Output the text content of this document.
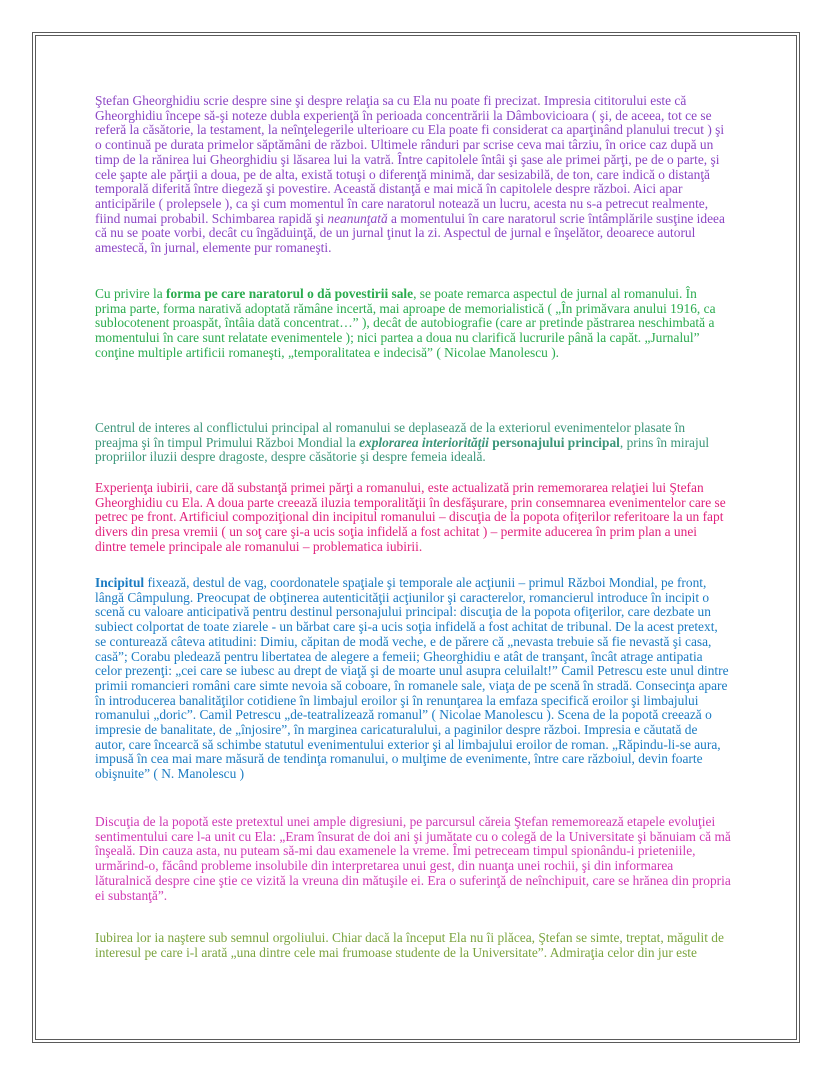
Ştefan Gheorghidiu scrie despre sine şi despre relaţia sa cu Ela nu poate fi precizat. Impresia cititorului este că Gheorghidiu începe să-şi noteze dubla experienţă în perioada concentrării la Dâmbovicioara ( şi, de aceea, tot ce se referă la căsătorie, la testament, la neînţelegerile ulterioare cu Ela poate fi considerat ca aparţinând planului trecut ) şi o continuă pe durata primelor săptămâni de război. Ultimele rânduri par scrise ceva mai târziu, în orice caz după un timp de la rănirea lui Gheorghidiu şi lăsarea lui la vatră. Între capitolele întâi şi şase ale primei părţi, pe de o parte, şi cele şapte ale părţii a doua, pe de alta, există totuşi o diferenţă minimă, dar sesizabilă, de ton, care indică o distanţă temporală diferită între diegeză şi povestire. Această distanţă e mai mică în capitolele despre război. Aici apar anticipările ( prolepsele ), ca şi cum momentul în care naratorul notează un lucru, acesta nu s-a petrecut realmente, fiind numai probabil. Schimbarea rapidă şi neanunţată a momentului în care naratorul scrie întâmplările susţine ideea că nu se poate vorbi, decât cu îngăduinţă, de un jurnal ţinut la zi. Aspectul de jurnal e înşelător, deoarece autorul amestecă, în jurnal, elemente pur romaneşti.

Cu privire la forma pe care naratorul o dă povestirii sale, se poate remarca aspectul de jurnal al romanului. În prima parte, forma narativă adoptată rămâne incertă, mai aproape de memorialistică ( „În primăvara anului 1916, ca sublocotenent proaspăt, întâia dată concentrat…” ), decât de autobiografie (care ar pretinde păstrarea neschimbată a momentului în care sunt relatate evenimentele ); nici partea a doua nu clarifică lucrurile până la capăt. „Jurnalul” conţine multiple artificii romaneşti, „temporalitatea e indecisă” ( Nicolae Manolescu ).

Centrul de interes al conflictului principal al romanului se deplasează de la exteriorul evenimentelor plasate în preajma şi în timpul Primului Război Mondial la explorarea interiorităţii personajului principal, prins în mirajul propriilor iluzii despre dragoste, despre căsătorie şi despre femeia ideală.

Experienţa iubirii, care dă substanţă primei părţi a romanului, este actualizată prin rememorarea relaţiei lui Ştefan Gheorghidiu cu Ela. A doua parte creează iluzia temporalităţii în desfăşurare, prin consemnarea evenimentelor care se petrec pe front. Artificiul compoziţional din incipitul romanului – discuţia de la popota ofiţerilor referitoare la un fapt divers din presa vremii ( un soţ care şi-a ucis soţia infidelă a fost achitat ) – permite aducerea în prim plan a unei dintre temele principale ale romanului – problematica iubirii.

Incipitul fixează, destul de vag, coordonatele spaţiale şi temporale ale acţiunii – primul Război Mondial, pe front, lângă Câmpulung. Preocupat de obţinerea autenticităţii acţiunilor şi caracterelor, romancierul introduce în incipit o scenă cu valoare anticipativă pentru destinul personajului principal: discuţia de la popota ofiţerilor, care dezbate un subiect colportat de toate ziarele - un bărbat care şi-a ucis soţia infidelă a fost achitat de tribunal. De la acest pretext, se conturează câteva atitudini: Dimiu, căpitan de modă veche, e de părere că „nevasta trebuie să fie nevastă şi casa, casă”; Corabu pledează pentru libertatea de alegere a femeii; Gheorghidiu e atât de tranşant, încât atrage antipatia celor prezenţi: „cei care se iubesc au drept de viaţă şi de moarte unul asupra celuilalt!” Camil Petrescu este unul dintre primii romancieri români care simte nevoia să coboare, în romanele sale, viaţa de pe scenă în stradă. Consecinţa apare în introducerea banalităţilor cotidiene în limbajul eroilor şi în renunţarea la emfaza specifică eroilor şi limbajului romanului „doric”. Camil Petrescu „de-teatralizează romanul” ( Nicolae Manolescu ). Scena de la popotă creează o impresie de banalitate, de „înjosire”, în marginea caricaturalului, a paginilor despre război. Impresia e căutată de autor, care încearcă să schimbe statutul evenimentului exterior şi al limbajului eroilor de roman. „Răpindu-li-se aura, impusă în cea mai mare măsură de tendinţa romanului, o mulţime de evenimente, între care războiul, devin foarte obişnuite” ( N. Manolescu )

Discuţia de la popotă este pretextul unei ample digresiuni, pe parcursul căreia Ştefan rememorează etapele evoluţiei sentimentului care l-a unit cu Ela: „Eram însurat de doi ani şi jumătate cu o colegă de la Universitate şi bănuiam că mă înşeală. Din cauza asta, nu puteam să-mi dau examenele la vreme. Îmi petreceam timpul spionându-i prieteniile, urmărind-o, făcând probleme insolubile din interpretarea unui gest, din nuanţa unei rochii, şi din informarea lăturalnică despre cine ştie ce vizită la vreuna din mătuşile ei. Era o suferinţă de neînchipuit, care se hrănea din propria ei substanţă”.

Iubirea lor ia naştere sub semnul orgoliului. Chiar dacă la început Ela nu îi plăcea, Ştefan se simte, treptat, măgulit de interesul pe care i-l arată „una dintre cele mai frumoase studente de la Universitate”. Admiraţia celor din jur este
